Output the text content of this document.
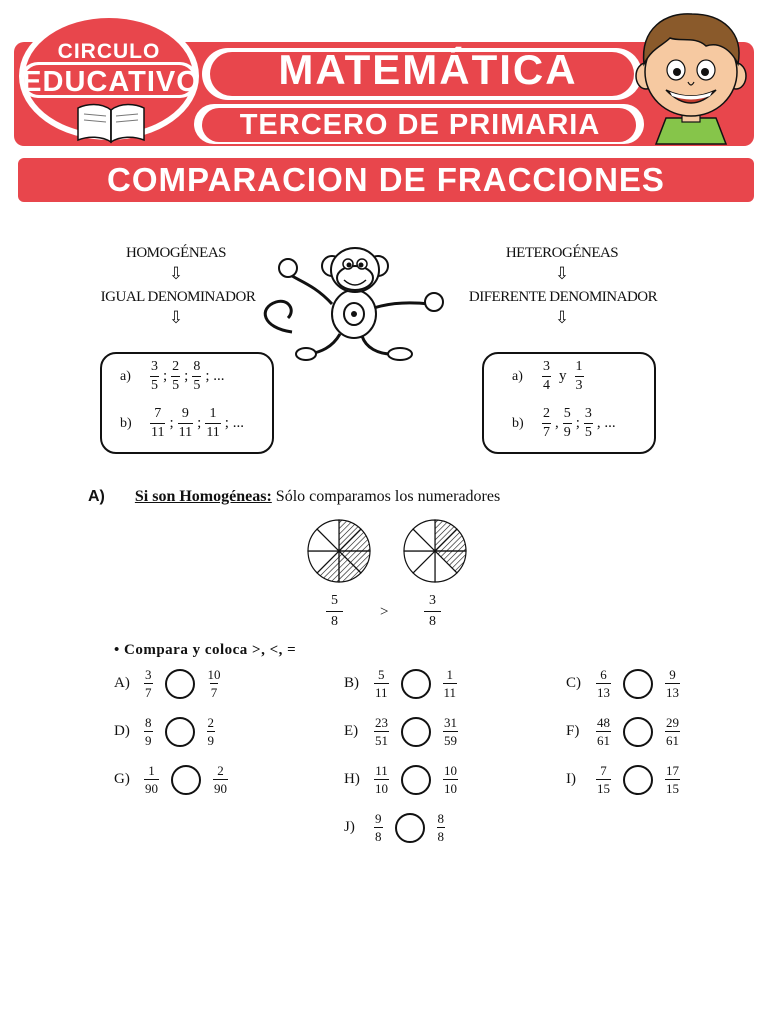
CIRCULO
EDUCATIVO	MATEMÁTICA
TERCERO DE PRIMARIA
COMPARACION DE FRACCIONES
HOMOGÉNEAS
⇩
IGUAL DENOMINADOR
⇩
HETEROGÉNEAS
⇩
DIFERENTE DENOMINADOR
⇩
a)	$\frac{3}{5}$ ; $\frac{2}{5}$ ; $\frac{8}{5}$ ; ...
b)	$\frac{7}{11}$ ; $\frac{9}{11}$ ; $\frac{1}{11}$ ; ...
a)	$\frac{3}{4}$ y $\frac{1}{3}$
b)	$\frac{2}{7}$ , $\frac{5}{9}$ ; $\frac{3}{5}$ , ...
A) Si son Homogéneas: Sólo comparamos los numeradores
$\frac{5}{8}$ >	$\frac{3}{8}$
• Compara y coloca >, <, =
A)	$\frac{3}{7}$	$\frac{10}{7}$	B)	$\frac{5}{11}$	$\frac{1}{11}$	C)	$\frac{6}{13}$	$\frac{9}{13}$
D)	$\frac{8}{9}$	$\frac{2}{9}$	E)	$\frac{23}{51}$	$\frac{31}{59}$	F)	$\frac{48}{61}$	$\frac{29}{61}$
G)	$\frac{1}{90}$	$\frac{2}{90}$	H)	$\frac{11}{10}$	$\frac{10}{10}$	I)	$\frac{7}{15}$	$\frac{17}{15}$
J)	$\frac{9}{8}$	$\frac{8}{8}$
